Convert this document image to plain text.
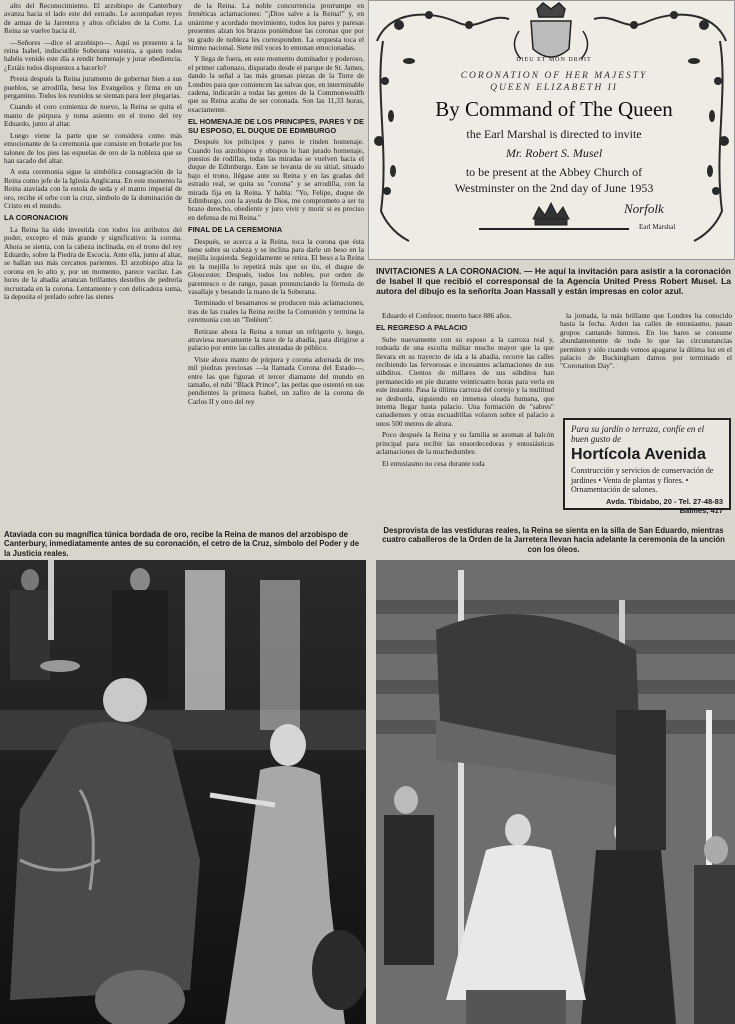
alto del Reconocimiento. El arzobispo de Canterbury avanza hacia el lado este del estrado. Le acompañan reyes de armas de la Jarretera y altos oficiales de la Corte. La Reina se vuelve hacia él.

—Señores —dice el arzobispo—. Aquí os presento a la reina Isabel, indiscutible Soberana vuestra, a quien todos habéis venido este día a rendir homenaje y jurar obediencia. ¿Estáis todos dispuestos a hacerlo?

Presta después la Reina juramento de gobernar bien a sus pueblos, se arrodilla, besa los Evangelios y firma en un pergamino. Todos los reunidos se sientan para leer plegarias.

Cuando el coro comienza de nuevo, la Reina se quita el manto de púrpura y toma asiento en el trono del rey Eduardo, junto al altar.

Luego viene la parte que se considera como más emocionante de la ceremonia que consiste en frotarle por los talones de los pies las espuelas de oro de la nobleza que se han sacado del altar.

A esta ceremonia sigue la simbólica consagración de la Reina como jefe de la Iglesia Anglicana. En este momento la Reina ataviada con la estola de seda y el manto imperial de oro, recibe el orbe con la cruz, símbolo de la dominación de Cristo en el mundo.

LA CORONACION

La Reina ha sido investida con todos los atributos del poder, excepto el más grande y significativo: la corona. Ahora se sienta, con la cabeza inclinada, en el trono del rey Eduardo, sobre la Piedra de Escocia. Ante ella, junto al altar, se hallan sus más cercanos parientes. El arzobispo alza la corona en lo alto y, por un momento, parece vacilar. Las luces de la abadía arrancan brillantes destellos de pedrería incrustada en la corona. Lentamente y con delicadeza suma, la deposita el prelado sobre las sienes

de la Reina. La noble concurrencia prorrumpe en frenéticas aclamaciones: "¡Dios salve a la Reina!" y, en unánime y acordado movimiento, todos los pares y paresas presentes alzan los brazos poniéndose las coronas que por su grado de nobleza les corresponden. La orquesta toca el himno nacional. Siete mil voces lo entonan emocionadas.

Y llega de fuera, en este momento dominador y poderoso, el primer cañonazo, disparado desde el parque de St. James, dando la señal a las más gruesas piezas de la Torre de Londres para que comiencen las salvas que, en interminable cadena, indicarán a todas las gentes de la Commonwealth que su Reina acaba de ser coronada. Son las 11,33 horas, exactamente.

EL HOMENAJE DE LOS PRINCIPES, PARES Y DE SU ESPOSO, EL DUQUE DE EDIMBURGO

Después los príncipes y pares le rinden homenaje. Cuando los arzobispos y obispos le han jurado homenaje, puestos de rodillas, todas las miradas se vuelven hacia el duque de Edimburgo. Este se levanta de su sitial, situado bajo el trono, llégase ante su Reina y en las gradas del estrado real, se quita su "corona" y se arrodilla, con la mirada fija en la Reina. Y habla: "Yo, Felipe, duque de Edimburgo, con la ayuda de Dios, me comprometo a ser tu brazo derecho, obediente y juro vivir y morir si es preciso en defensa de mi Reina."

FINAL DE LA CEREMONIA

Después, se acerca a la Reina, toca la corona que ésta tiene sobre su cabeza y se inclina para darle un beso en la mejilla izquierda. Seguidamente se retira. El beso a la Reina en la mejilla lo repetirá más que su tío, el duque de Gloucester. Después, todos los nobles, por orden de parentesco o de rango, pasan pronunciando la fórmula de vasallaje y besando la mano de la Soberana.

Terminado el besamanos se producen más aclamaciones, tras de las cuales la Reina recibe la Comunión y termina la ceremonia con un "Tedéum".

Retírase ahora la Reina a tomar un refrigerio y, luego, atraviesa nuevamente la nave de la abadía, para dirigirse a palacio por entre las calles atestadas de público.

Viste ahora manto de púrpura y corona adornada de tres mil piedras preciosas —la llamada Corona del Estado—, entre las que figuran el tercer diamante del mundo en tamaño, el rubí "Black Prince", las perlas que ostentó en sus pendientes la primera Isabel, un zafiro de la corona de Carlos II y otro del rey

DIEU ET MON DROIT
CORONATION OF HER MAJESTY
QUEEN ELIZABETH II
By Command of The Queen
the Earl Marshal is directed to invite
Mr. Robert S. Musel
to be present at the Abbey Church of
Westminster on the 2nd day of June 1953
Norfolk
Earl Marshal
INVITACIONES A LA CORONACION. — He aquí la invitación para asistir a la coronación de Isabel II que recibió el corresponsal de la Agencia United Press Robert Musel. La autora del dibujo es la señorita Joan Hassall y están impresas en color azul.

Eduardo el Confesor, muerto hace 886 años.

EL REGRESO A PALACIO

Sube nuevamente con su esposo a la carroza real y, rodeada de una escolta militar mucho mayor que la que llevara en su trayecto de ida a la abadía, recorre las calles recibiendo las fervorosas e incesantes aclamaciones de sus súbditos. Cientos de millares de sus súbditos han permanecido en pie durante veinticuatro horas para verla en este instante. Pasa la última carroza del cortejo y la multitud se desborda, siguiendo en inmensa oleada humana, que intenta llegar hasta palacio. Una formación de "sabres" canadienses y otras escuadrillas volaron sobre el palacio a unos 500 metros de altura.

Poco después la Reina y su familia se asoman al balcón principal para recibir las ensordecedoras y entusiásticas aclamaciones de la muchedumbre.

El entusiasmo no cesa durante toda

la jornada, la más brillante que Londres ha conocido hasta la fecha. Arden las calles de entusiasmo, pasan grupos cantando himnos. En los bares se consume abundantemente de todo lo que las circunstancias permiten y sólo cuando vemos apagarse la última luz en el palacio de Buckingham damos por terminado el "Coronation Day".

Para su jardín o terraza, confíe en el buen gusto de
Hortícola Avenida
Construcción y servicios de conservación de jardines • Venta de plantas y flores. • Ornamentación de salones.
Avda. Tibidabo, 20 - Tel. 27-48-83
Balmes, 417
Ataviada con su magnífica túnica bordada de oro, recibe la Reina de manos del arzobispo de Canterbury, inmediatamente antes de su coronación, el cetro de la Cruz, símbolo del Poder y de la Justicia reales.
Desprovista de las vestiduras reales, la Reina se sienta en la silla de San Eduardo, mientras cuatro caballeros de la Orden de la Jarretera llevan hacia adelante la ceremonia de la unción con los óleos.
